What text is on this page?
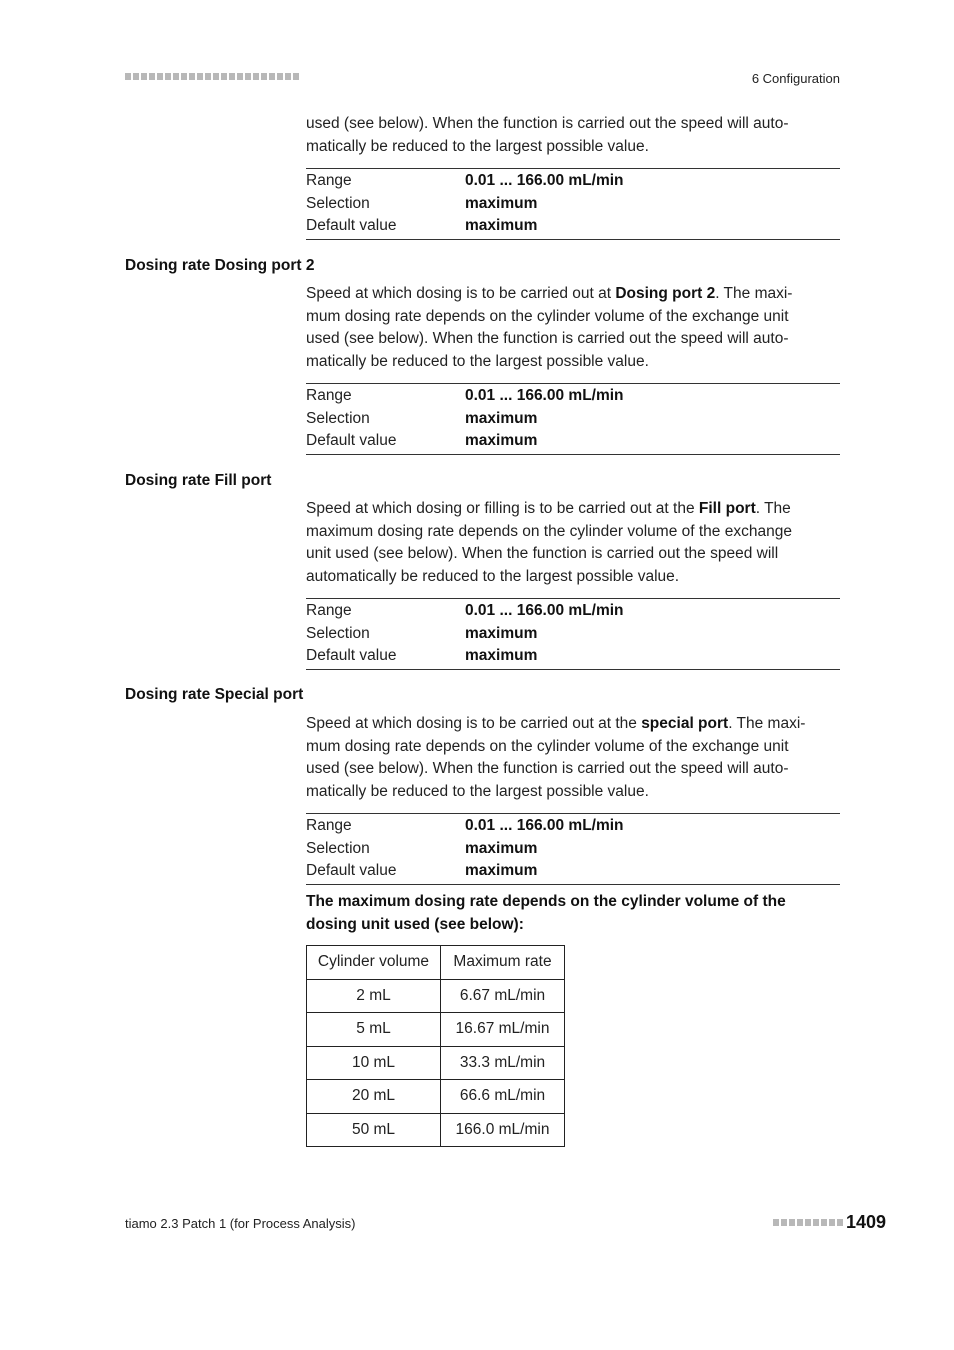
6 Configuration
used (see below). When the function is carried out the speed will auto-
matically be reduced to the largest possible value.
Range	0.01 ... 166.00 mL/min
Selection	maximum
Default value	maximum
Dosing rate Dosing port 2
Speed at which dosing is to be carried out at Dosing port 2. The maxi-
mum dosing rate depends on the cylinder volume of the exchange unit
used (see below). When the function is carried out the speed will auto-
matically be reduced to the largest possible value.
Range	0.01 ... 166.00 mL/min
Selection	maximum
Default value	maximum
Dosing rate Fill port
Speed at which dosing or filling is to be carried out at the Fill port. The
maximum dosing rate depends on the cylinder volume of the exchange
unit used (see below). When the function is carried out the speed will
automatically be reduced to the largest possible value.
Range	0.01 ... 166.00 mL/min
Selection	maximum
Default value	maximum
Dosing rate Special port
Speed at which dosing is to be carried out at the special port. The maxi-
mum dosing rate depends on the cylinder volume of the exchange unit
used (see below). When the function is carried out the speed will auto-
matically be reduced to the largest possible value.
Range	0.01 ... 166.00 mL/min
Selection	maximum
Default value	maximum
The maximum dosing rate depends on the cylinder volume of the
dosing unit used (see below):
Cylinder volume	Maximum rate
2 mL	6.67 mL/min
5 mL	16.67 mL/min
10 mL	33.3 mL/min
20 mL	66.6 mL/min
50 mL	166.0 mL/min
tiamo 2.3 Patch 1 (for Process Analysis)	1409
